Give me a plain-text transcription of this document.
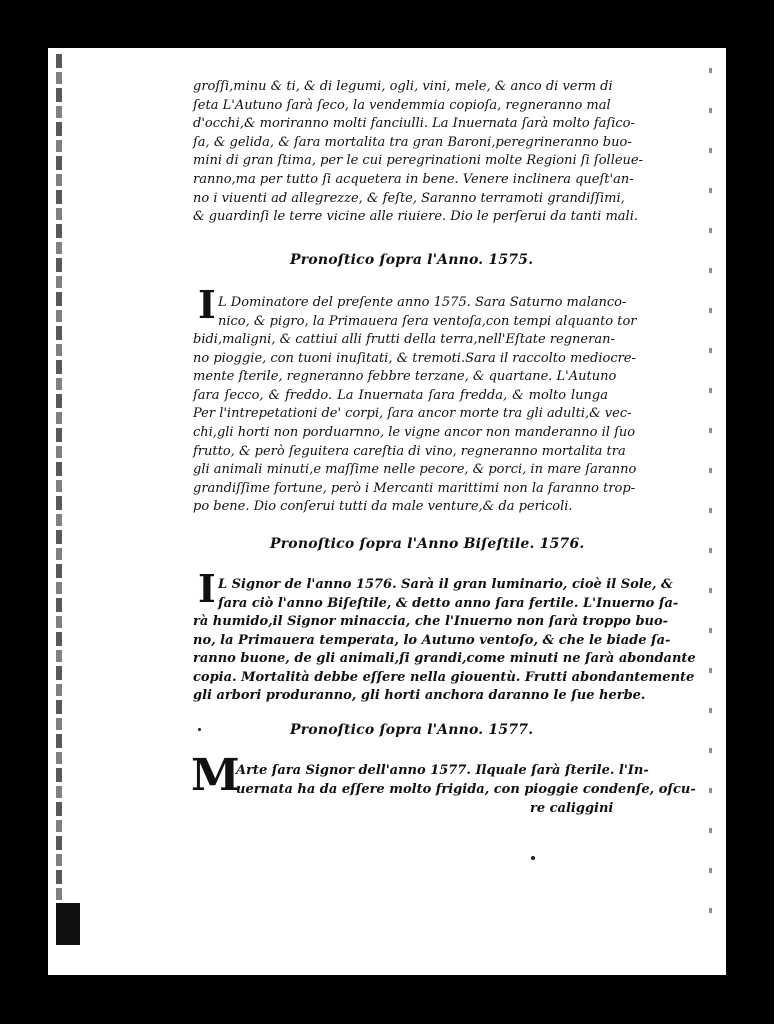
groſſi,minu & ti, & di legumi, ogli, vini, mele, & anco di verm di
ſeta L'Autuno ſarà ſeco, la vendemmia copioſa, regneranno mal
d'occhi,& moriranno molti fanciulli. La Inuernata ſarà molto faſico-
ſa, & gelida, & ſara mortalita tra gran Baroni,peregrineranno buo-
mini di gran ſtima, per le cui peregrinationi molte Regioni ſi ſolleue-
ranno,ma per tutto ſi acquetera in bene. Venere inclinera queſt'an-
no i viuenti ad allegrezze, & feſte, Saranno terramoti grandiſſimi,
& guardinſi le terre vicine alle riuiere. Dio le perſerui da tanti mali.
Pronoſtico ſopra l'Anno. 1575.
I L Dominatore del preſente anno 1575. Sara Saturno malanco-
nico, & pigro, la Primauera ſera ventoſa,con tempi alquanto tor
bidi,maligni, & cattiui alli frutti della terra,nell'Eſtate regneran-
no pioggie, con tuoni inuſitati, & tremoti.Sara il raccolto mediocre-
mente ſterile, regneranno febbre terzane, & quartane. L'Autuno
ſara ſecco, & freddo. La Inuernata ſara fredda, & molto lunga
Per l'intrepetationi de' corpi, ſara ancor morte tra gli adulti,& vec-
chi,gli horti non porduarnno, le vigne ancor non manderanno il ſuo
frutto, & però ſeguitera careſtia di vino, regneranno mortalita tra
gli animali minuti,e maſſime nelle pecore, & porci, in mare ſaranno
grandiſſime fortune, però i Mercanti marittimi non la faranno trop-
po bene. Dio conſerui tutti da male venture,& da pericoli.
Pronoſtico ſopra l'Anno Biſeſtile. 1576.
I L Signor de l'anno 1576. Sarà il gran luminario, cioè il Sole, &
ſara ciò l'anno Biſeſtile, & detto anno ſara fertile. L'Inuerno ſa-
rà humido,il Signor minaccia, che l'Inuerno non ſarà troppo buo-
no, la Primauera temperata, lo Autuno ventoſo, & che le biade ſa-
ranno buone, de gli animali,ſi grandi,come minuti ne ſarà abondante
copia. Mortalità debbe eſſere nella giouentù. Frutti abondantemente
gli arbori produranno, gli horti anchora daranno le ſue herbe.
Pronoſtico ſopra l'Anno. 1577.
M
Arte ſara Signor dell'anno 1577. Ilquale ſarà ſterile. l'In-
uernata ha da eſſere molto frigida, con pioggie condenſe, oſcu-
re caliggini
